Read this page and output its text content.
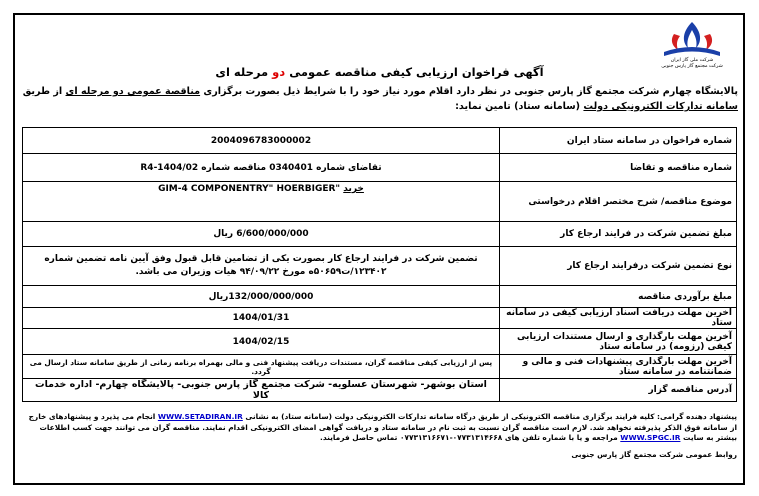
شرکت ملی گاز ایران
شرکت مجتمع گاز پارس جنوبی
آگهی فراخوان ارزیابی کیفی مناقصه عمومی دو مرحله ای
پالایشگاه چهارم شرکت مجتمع گاز پارس جنوبی در نظر دارد اقلام مورد نیاز خود را با شرایط ذیل بصورت برگزاری مناقصة عمومي دو مرحله ای از طريق سامانه تدارکات الکترونیکی دولت (سامانه ستاد) تامين نمايد:
شماره فراخوان در سامانه ستاد ایران	2004096783000002
شماره مناقصه و تقاضا	تقاضای شماره 0340401 مناقصه شماره R4-1404/02
موضوع مناقصه/ شرح مختصر اقلام درخواستی	خرید GIM-4 COMPONENTRY" HOERBIGER"
مبلغ تضمین شرکت در فرایند ارجاع کار	6/600/000/000 ريال
نوع تضمین شرکت درفرایند ارجاع کار	تضمین شرکت در فرایند ارجاع کار بصورت یکی از تضامین قابل قبول وفق آیین نامه تضمین شماره ۱۲۳۴۰۲/ت۵۰۶۵۹ه مورخ ۹۴/۰۹/۲۲ هیات وزیران می باشد.
مبلغ برآوردی مناقصه	132/000/000/000ريال
آخرين مهلت دریافت اسناد ارزیابی کیفی در سامانه ستاد	1404/01/31
آخرین مهلت بارگذاری و ارسال مستندات ارزیابی کیفی (رزومه) در سامانه ستاد	1404/02/15
آخرین مهلت بارگذاری پیشنهادات فنی و مالی و ضمانتنامه در سامانه ستاد	پس از ارزیابی کیفی مناقصه گران، مستندات دریافت پیشنهاد فنی و مالی بهمراه برنامه زمانی از طریق سامانه ستاد ارسال می گردد.
آدرس مناقصه گزار	استان بوشهر- شهرستان عسلویه- شرکت مجتمع گاز پارس جنوبی- پالایشگاه چهارم- اداره خدمات کالا
پیشنهاد دهنده گرامی: کلیه فرایند برگزاری مناقصه الکترونیکی از طریق درگاه سامانه تدارکات الکترونیکی دولت (سامانه ستاد) به نشانی WWW.SETADIRAN.IR انجام می پذیرد و پیشنهادهای خارج از سامانه فوق الذکر پذیرفته نخواهد شد. لازم است مناقصه گران نسبت به ثبت نام در سامانه ستاد و دریافت گواهی امضای الکترونیکی اقدام نمایند. مناقصه گران می توانند جهت کسب اطلاعات بیشتر به سایت WWW.SPGC.IR مراجعه و یا با شماره تلفن های ۰۷۷۳۱۳۱۴۶۶۸-۰۷۷۳۱۳۱۶۶۷۱ تماس حاصل فرمایند.
روابط عمومی شرکت مجتمع گاز پارس جنوبی
